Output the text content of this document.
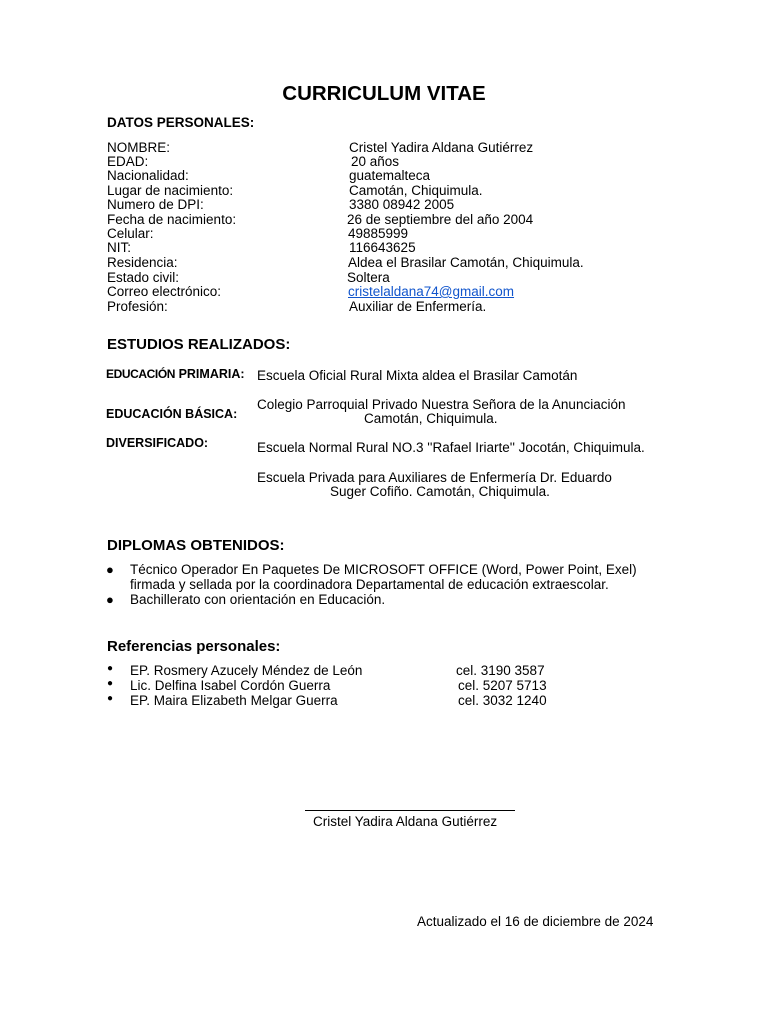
CURRICULUM VITAE
DATOS PERSONALES:
NOMBRE:	Cristel Yadira Aldana Gutiérrez
EDAD:	20 años
Nacionalidad:	guatemalteca
Lugar de nacimiento:	Camotán, Chiquimula.
Numero de DPI:	3380 08942 2005
Fecha de nacimiento:	26 de septiembre del año 2004
Celular:	49885999
NIT:	116643625
Residencia:	Aldea el Brasilar Camotán, Chiquimula.
Estado civil:	Soltera
Correo electrónico:	cristelaldana74@gmail.com
Profesión:	Auxiliar de Enfermería.
ESTUDIOS REALIZADOS:
EDUCACIÓN PRIMARIA: Escuela Oficial Rural Mixta aldea el Brasilar Camotán
EDUCACIÓN BÁSICA:
Colegio Parroquial Privado Nuestra Señora de la Anunciación
Camotán, Chiquimula.
DIVERSIFICADO:	Escuela Normal Rural NO.3 ''Rafael Iriarte'' Jocotán, Chiquimula.
Escuela Privada para Auxiliares de Enfermería Dr. Eduardo
Suger Cofiño. Camotán, Chiquimula.
DIPLOMAS OBTENIDOS:
● Técnico Operador En Paquetes De MICROSOFT OFFICE (Word, Power Point, Exel)
firmada y sellada por la coordinadora Departamental de educación extraescolar.
● Bachillerato con orientación en Educación.
Referencias personales:
● EP. Rosmery Azucely Méndez de León	cel. 3190 3587
● Lic. Delfina Isabel Cordón Guerra	cel. 5207 5713
● EP. Maira Elizabeth Melgar Guerra	cel. 3032 1240
Cristel Yadira Aldana Gutiérrez
Actualizado el 16 de diciembre de 2024
